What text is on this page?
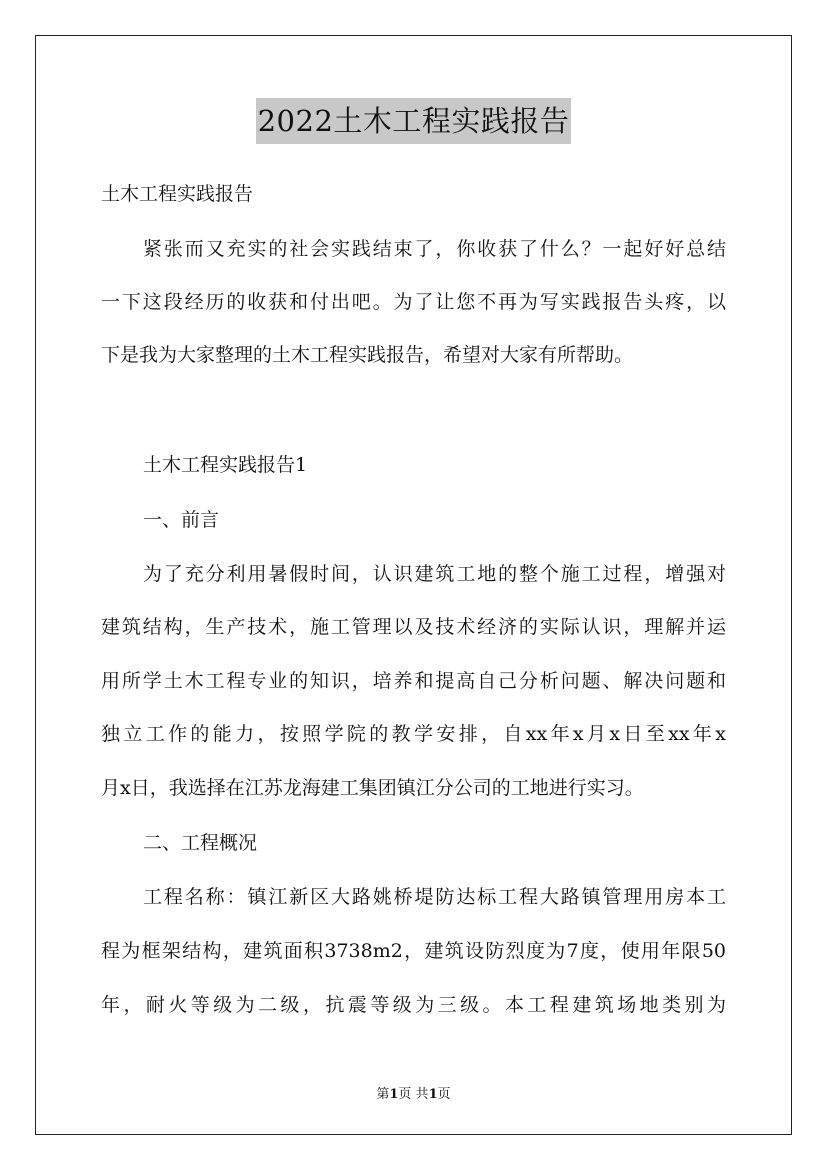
2022土木工程实践报告
土木工程实践报告
紧张而又充实的社会实践结束了，你收获了什么？一起好好总结
一下这段经历的收获和付出吧。为了让您不再为写实践报告头疼，以
下是我为大家整理的土木工程实践报告，希望对大家有所帮助。
土木工程实践报告1
一、前言
为了充分利用暑假时间，认识建筑工地的整个施工过程，增强对
建筑结构，生产技术，施工管理以及技术经济的实际认识，理解并运
用所学土木工程专业的知识，培养和提高自己分析问题、解决问题和
独立工作的能力，按照学院的教学安排，自xx年x月x日至xx年x
月x日，我选择在江苏龙海建工集团镇江分公司的工地进行实习。
二、工程概况
工程名称：镇江新区大路姚桥堤防达标工程大路镇管理用房本工
程为框架结构，建筑面积3738m2，建筑设防烈度为7度，使用年限50
年，耐火等级为二级，抗震等级为三级。本工程建筑场地类别为
第1页 共1页
